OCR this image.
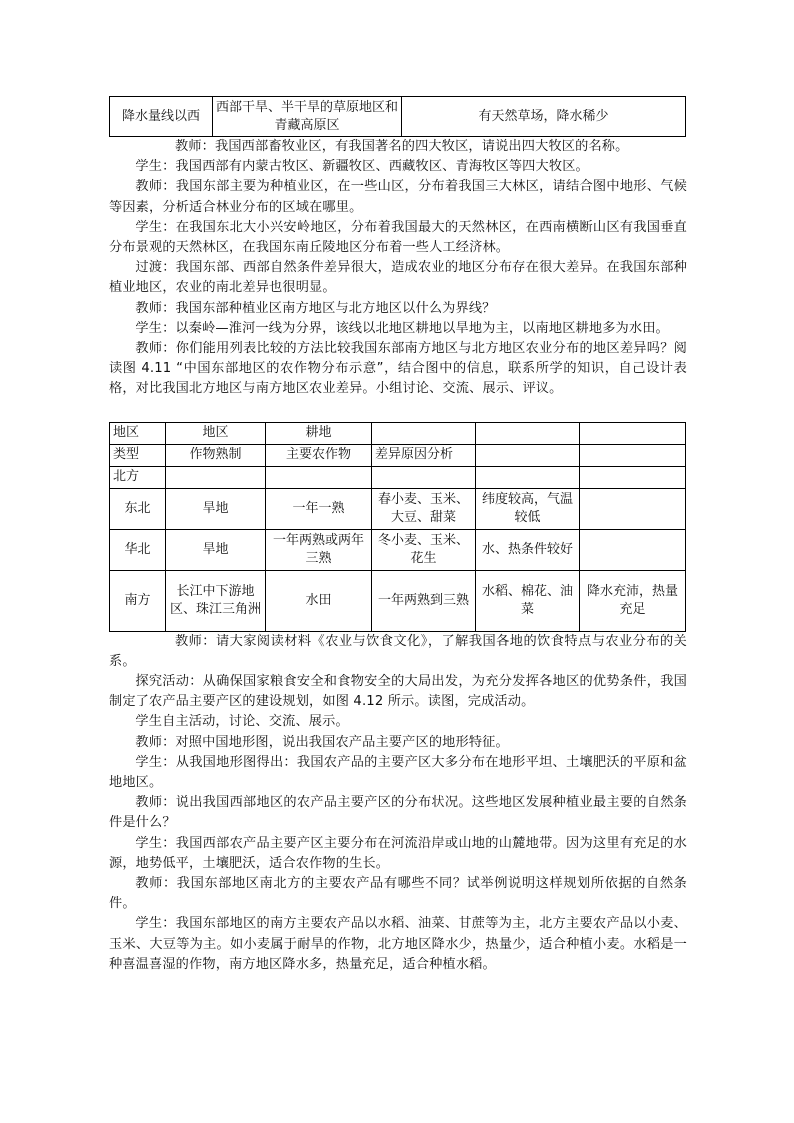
降水量线以西	西部干旱、半干旱的草原地区和青藏高原区	有天然草场，降水稀少

教师：我国西部畜牧业区，有我国著名的四大牧区，请说出四大牧区的名称。

学生：我国西部有内蒙古牧区、新疆牧区、西藏牧区、青海牧区等四大牧区。

教师：我国东部主要为种植业区，在一些山区，分布着我国三大林区，请结合图中地形、气候等因素，分析适合林业分布的区域在哪里。

学生：在我国东北大小兴安岭地区，分布着我国最大的天然林区，在西南横断山区有我国垂直分布景观的天然林区，在我国东南丘陵地区分布着一些人工经济林。

过渡：我国东部、西部自然条件差异很大，造成农业的地区分布存在很大差异。在我国东部种植业地区，农业的南北差异也很明显。

教师：我国东部种植业区南方地区与北方地区以什么为界线？

学生：以秦岭—淮河一线为分界，该线以北地区耕地以旱地为主，以南地区耕地多为水田。

教师：你们能用列表比较的方法比较我国东部南方地区与北方地区农业分布的地区差异吗？阅读图 4.11 “中国东部地区的农作物分布示意”，结合图中的信息，联系所学的知识，自己设计表格，对比我国北方地区与南方地区农业差异。小组讨论、交流、展示、评议。

地区	地区	耕地			
类型	作物熟制	主要农作物	差异原因分析		
北方					
东北	旱地	一年一熟	春小麦、玉米、大豆、甜菜	纬度较高，气温较低	
华北	旱地	一年两熟或两年三熟	冬小麦、玉米、花生	水、热条件较好	
南方	长江中下游地区、珠江三角洲	水田	一年两熟到三熟	水稻、棉花、油菜	降水充沛，热量充足

教师：请大家阅读材料《农业与饮食文化》，了解我国各地的饮食特点与农业分布的关系。

探究活动：从确保国家粮食安全和食物安全的大局出发，为充分发挥各地区的优势条件，我国制定了农产品主要产区的建设规划，如图 4.12 所示。读图，完成活动。

学生自主活动，讨论、交流、展示。

教师：对照中国地形图，说出我国农产品主要产区的地形特征。

学生：从我国地形图得出：我国农产品的主要产区大多分布在地形平坦、土壤肥沃的平原和盆地地区。

教师：说出我国西部地区的农产品主要产区的分布状况。这些地区发展种植业最主要的自然条件是什么？

学生：我国西部农产品主要产区主要分布在河流沿岸或山地的山麓地带。因为这里有充足的水源，地势低平，土壤肥沃，适合农作物的生长。

教师：我国东部地区南北方的主要农产品有哪些不同？试举例说明这样规划所依据的自然条件。

学生：我国东部地区的南方主要农产品以水稻、油菜、甘蔗等为主，北方主要农产品以小麦、玉米、大豆等为主。如小麦属于耐旱的作物，北方地区降水少，热量少，适合种植小麦。水稻是一种喜温喜湿的作物，南方地区降水多，热量充足，适合种植水稻。
